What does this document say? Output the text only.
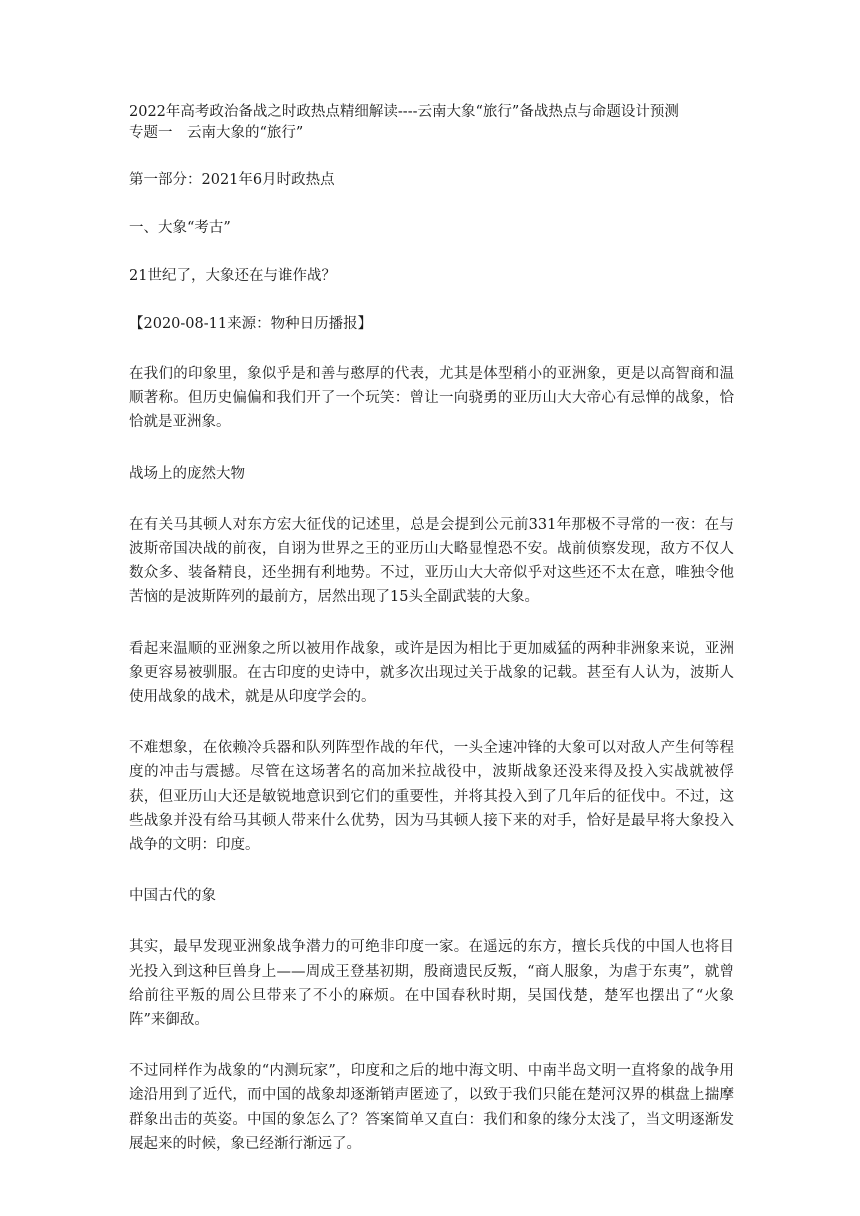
2022年高考政治备战之时政热点精细解读----云南大象“旅行”备战热点与命题设计预测

专题一　云南大象的“旅行”

第一部分：2021年6月时政热点

一、大象“考古”

21世纪了，大象还在与谁作战？

【2020-08-11来源：物种日历播报】

在我们的印象里，象似乎是和善与憨厚的代表，尤其是体型稍小的亚洲象，更是以高智商和温顺著称。但历史偏偏和我们开了一个玩笑：曾让一向骁勇的亚历山大大帝心有忌惮的战象，恰恰就是亚洲象。

战场上的庞然大物

在有关马其顿人对东方宏大征伐的记述里，总是会提到公元前331年那极不寻常的一夜：在与波斯帝国决战的前夜，自诩为世界之王的亚历山大略显惶恐不安。战前侦察发现，敌方不仅人数众多、装备精良，还坐拥有利地势。不过，亚历山大大帝似乎对这些还不太在意，唯独令他苦恼的是波斯阵列的最前方，居然出现了15头全副武装的大象。

看起来温顺的亚洲象之所以被用作战象，或许是因为相比于更加威猛的两种非洲象来说，亚洲象更容易被驯服。在古印度的史诗中，就多次出现过关于战象的记载。甚至有人认为，波斯人使用战象的战术，就是从印度学会的。

不难想象，在依赖冷兵器和队列阵型作战的年代，一头全速冲锋的大象可以对敌人产生何等程度的冲击与震撼。尽管在这场著名的高加米拉战役中，波斯战象还没来得及投入实战就被俘获，但亚历山大还是敏锐地意识到它们的重要性，并将其投入到了几年后的征伐中。不过，这些战象并没有给马其顿人带来什么优势，因为马其顿人接下来的对手，恰好是最早将大象投入战争的文明：印度。

中国古代的象

其实，最早发现亚洲象战争潜力的可绝非印度一家。在遥远的东方，擅长兵伐的中国人也将目光投入到这种巨兽身上——周成王登基初期，殷商遗民反叛，“商人服象，为虐于东夷”，就曾给前往平叛的周公旦带来了不小的麻烦。在中国春秋时期，吴国伐楚，楚军也摆出了“火象阵”来御敌。

不过同样作为战象的“内测玩家”，印度和之后的地中海文明、中南半岛文明一直将象的战争用途沿用到了近代，而中国的战象却逐渐销声匿迹了，以致于我们只能在楚河汉界的棋盘上揣摩群象出击的英姿。中国的象怎么了？答案简单又直白：我们和象的缘分太浅了，当文明逐渐发展起来的时候，象已经渐行渐远了。
